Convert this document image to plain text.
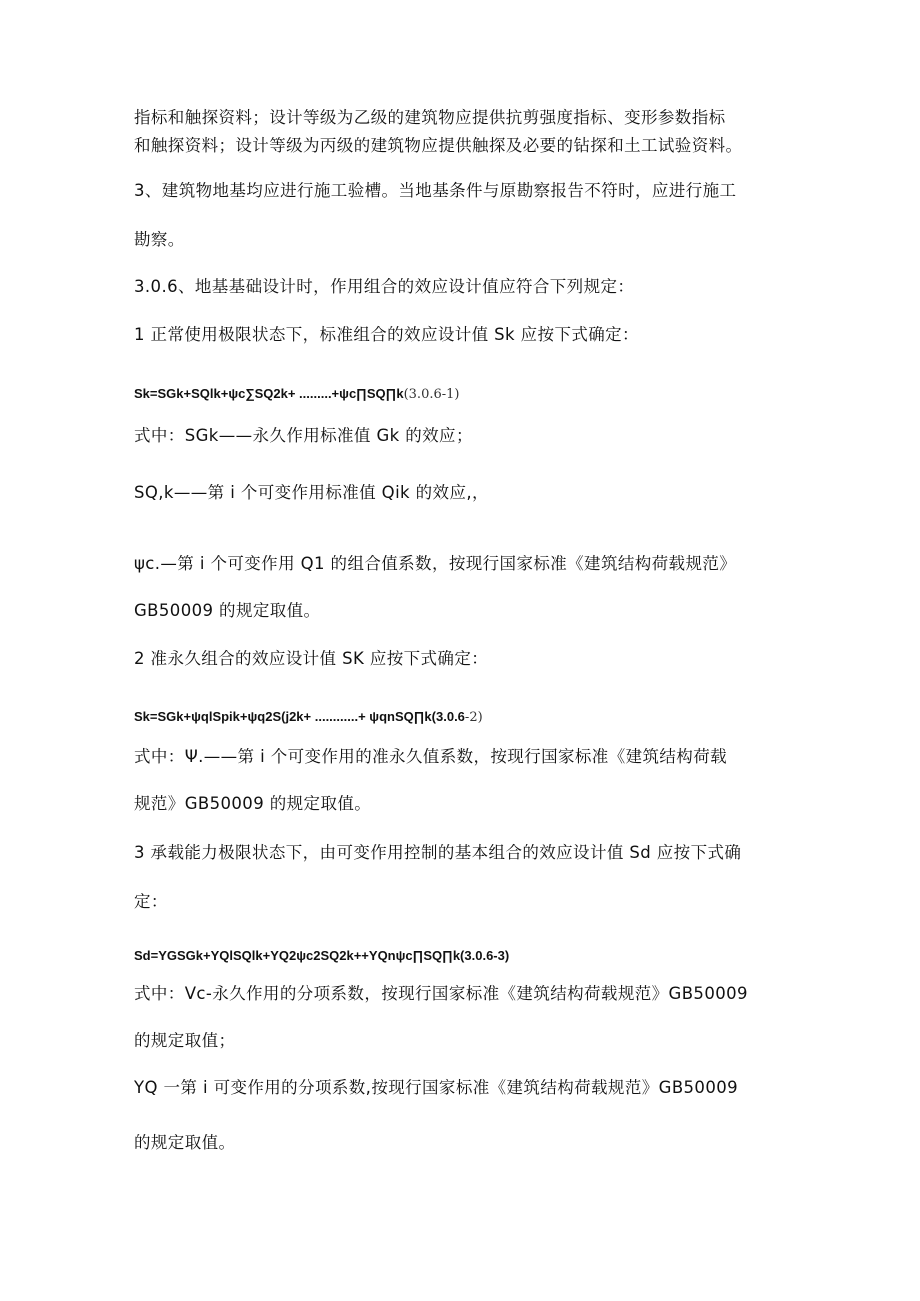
指标和触探资料；设计等级为乙级的建筑物应提供抗剪强度指标、变形参数指标
和触探资料；设计等级为丙级的建筑物应提供触探及必要的钻探和土工试验资料。
3、建筑物地基均应进行施工验槽。当地基条件与原勘察报告不符时，应进行施工
勘察。
3.0.6、地基基础设计时，作用组合的效应设计值应符合下列规定：
1 正常使用极限状态下，标准组合的效应设计值 Sk 应按下式确定：
Sk=SGk+SQlk+ψc∑SQ2k+ .........+ψc∏SQ∏k(3.0.6-1)
式中：SGk——永久作用标准值 Gk 的效应；
SQ,k——第 i 个可变作用标准值 Qik 的效应,，
ψc.—第 i 个可变作用 Q1 的组合值系数，按现行国家标准《建筑结构荷载规范》
GB50009 的规定取值。
2 准永久组合的效应设计值 SK 应按下式确定：
Sk=SGk+ψqlSpik+ψq2S(j2k+ ............+ ψqnSQ∏k(3.0.6-2)
式中：Ψ.——第 i 个可变作用的准永久值系数，按现行国家标准《建筑结构荷载
规范》GB50009 的规定取值。
3 承载能力极限状态下，由可变作用控制的基本组合的效应设计值 Sd 应按下式确
定：
Sd=YGSGk+YQlSQlk+YQ2ψc2SQ2k++YQnψc∏SQ∏k(3.0.6-3)
式中：Vc-永久作用的分项系数，按现行国家标准《建筑结构荷载规范》GB50009
的规定取值；
YQ 一第 i 可变作用的分项系数,按现行国家标准《建筑结构荷载规范》GB50009
的规定取值。
